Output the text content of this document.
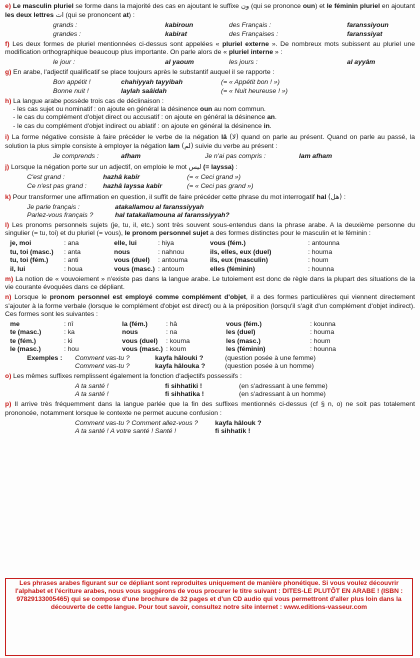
e) Le masculin pluriel se forme dans la majorité des cas en ajoutant le suffixe ون (qui se prononce oun) et le féminin pluriel en ajoutant les deux lettres ات (qui se prononcent at) :

grands :	kabiroun	des Français :	faranssiyoun
grandes :	kabirat	des Françaises :	faranssiyat

f) Les deux formes de pluriel mentionnées ci-dessus sont appelées « pluriel externe ». De nombreux mots subissent au pluriel une modification orthographique beaucoup plus importante. On parle alors de « pluriel interne » :

le jour :	al yaoum	les jours :	al ayyâm

g) En arabe, l'adjectif qualificatif se place toujours après le substantif auquel il se rapporte :

Bon appétit !	chahiyyah tayyibah	(= « Appétit bon ! »)
Bonne nuit !	laylah saâidah	(= « Nuit heureuse ! »)

h) La langue arabe possède trois cas de déclinaison :

- les cas sujet ou nominatif : on ajoute en général la désinence oun au nom commun.
- le cas du complément d'objet direct ou accusatif : on ajoute en général la désinence an.
- le cas du complément d'objet indirect ou ablatif : on ajoute en général la désinence in.

i) La forme négative consiste à faire précéder le verbe de la négation lâ (لا) quand on parle au présent. Quand on parle au passé, la solution la plus simple consiste à employer la négation lam (لم) suivie du verbe au présent :

Je comprends :	afham	Je n'ai pas compris :	lam afham

j) Lorsque la négation porte sur un adjectif, on emploie le mot ليس (= layssa) :

C'est grand :	hazhâ kabîr	(= « Ceci grand »)
Ce n'est pas grand :	hazhâ layssa kabîr	(= « Ceci pas grand »)

k) Pour transformer une affirmation en question, il suffit de faire précéder cette phrase du mot interrogatif hal (هل) :

Je parle français :	atakallamou al faranssiyyah
Parlez-vous français ?	hal tatakallamouna al faranssiyyah?

l) Les pronoms personnels sujets (je, tu, il, etc.) sont très souvent sous-entendus dans la phrase arabe. A la deuxième personne du singulier (= tu, toi) et du pluriel (= vous), le pronom personnel sujet a des formes distinctes pour le masculin et le féminin :

je, moi	: ana	elle, lui	: hiya	vous (fém.)	: antounna
tu, toi (masc.)	: anta	nous	: nahnou	ils, elles, eux (duel)	: houma
tu, toi (fém.)	: anti	vous (duel)	: antouma	ils, eux (masculin)	: houm
il, lui	: houa	vous (masc.) : antoum	elles (féminin)	: hounna

m) La notion de « vouvoiement » n'existe pas dans la langue arabe. Le tutoiement est donc de règle dans la plupart des situations de la vie courante évoquées dans ce dépliant.

n) Lorsque le pronom personnel est employé comme complément d'objet, il a des formes particulières qui viennent directement s'ajouter à la forme verbale (lorsque le complément d'objet est direct) ou à la préposition (lorsqu'il s'agit d'un complément d'objet indirect). Ces formes sont les suivantes :

me	: nî	la (fém.)	: hâ	vous (fém.)	: kounna
te (masc.)	: ka	nous	: na	les (duel)	: houma
te (fém.)	: ki	vous (duel)	: kouma	les (masc.)	: houm
le (masc.)	: hou	vous (masc.) : koum	les (féminin)	: hounna
Exemples :	Comment vas-tu ?	kayfa hâlouki ?	(question posée à une femme)
Comment vas-tu ?	kayfa hâlouka ?	(question posée à un homme)

o) Les mêmes suffixes remplissent également la fonction d'adjectifs possessifs :

A ta santé !	fi sihhatiki !	(en s'adressant à une femme)
A ta santé !	fi sihhatika !	(en s'adressant à un homme)

p) Il arrive très fréquemment dans la langue parlée que la fin des suffixes mentionnés ci-dessus (cf § n, o) ne soit pas totalement prononcée, notamment lorsque le contexte ne permet aucune confusion :

Comment vas-tu ? Comment allez-vous ?	kayfa hâlouk ?
A ta santé ! A votre santé ! Santé !	fi sihhatik !
Les phrases arabes figurant sur ce dépliant sont reproduites uniquement de manière phonétique. Si vous voulez découvrir l'alphabet et l'écriture arabes, nous vous suggérons de vous procurer le titre suivant : DITES-LE PLUTÔT EN ARABE ! (ISBN : 97829133005465) qui se compose d'une brochure de 32 pages et d'un CD audio qui vous permettront d'aller plus loin dans la découverte de cette langue. Pour tout savoir, consultez notre site internet : www.editions-vasseur.com
